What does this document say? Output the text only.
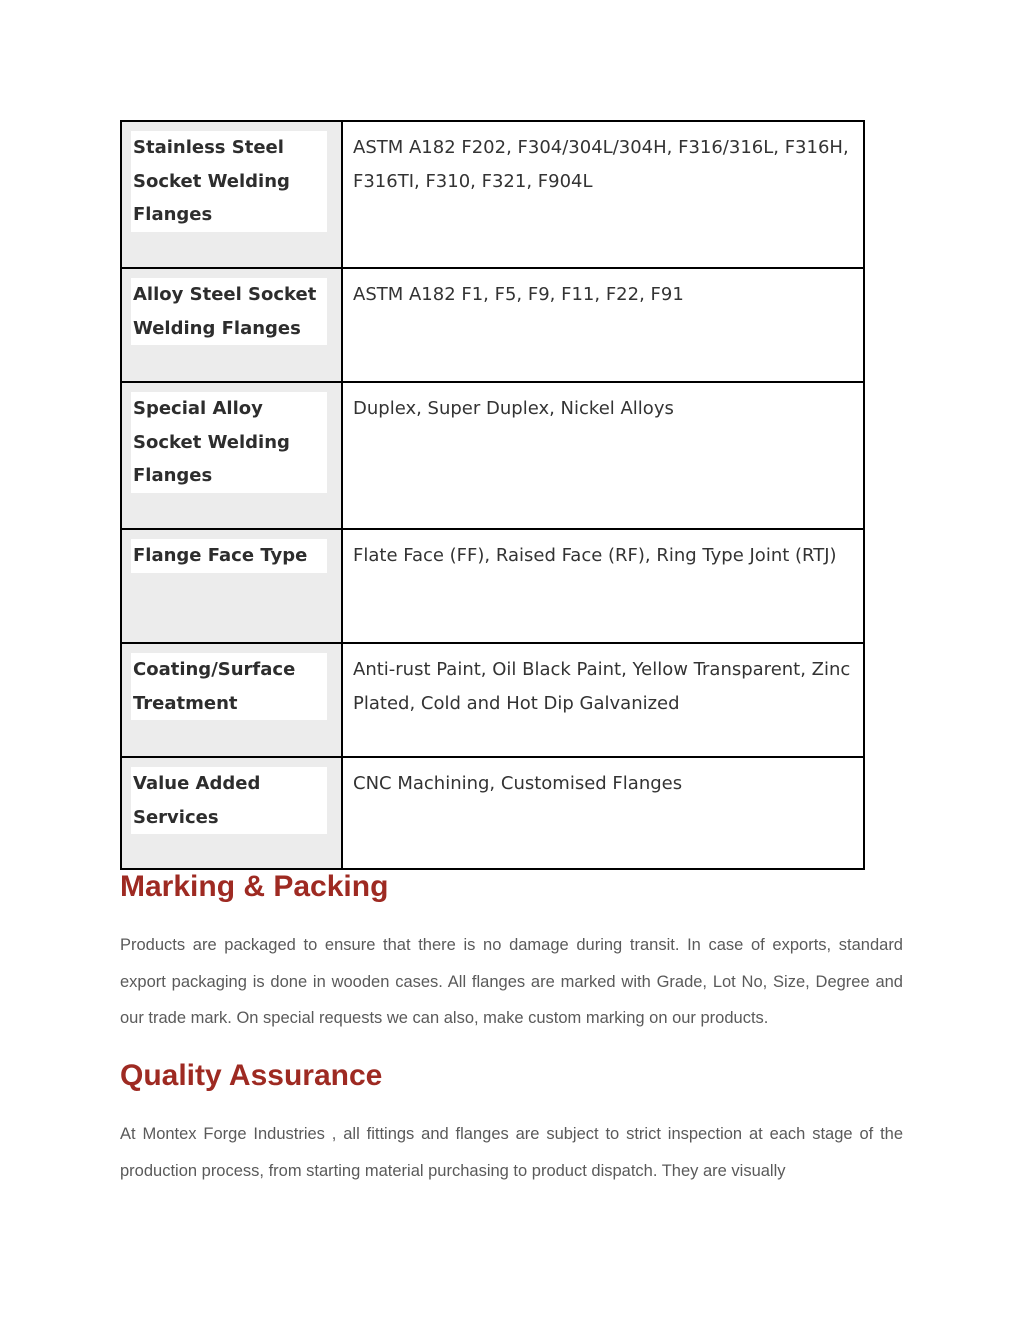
Stainless Steel Socket Welding Flanges	ASTM A182 F202, F304/304L/304H, F316/316L, F316H, F316TI, F310, F321, F904L

Alloy Steel Socket Welding Flanges	ASTM A182 F1, F5, F9, F11, F22, F91

Special Alloy Socket Welding Flanges	Duplex, Super Duplex, Nickel Alloys

Flange Face Type	Flate Face (FF), Raised Face (RF), Ring Type Joint (RTJ)

Coating/Surface Treatment	Anti-rust Paint, Oil Black Paint, Yellow Transparent, Zinc Plated, Cold and Hot Dip Galvanized

Value Added Services	CNC Machining, Customised Flanges
Marking & Packing

Products are packaged to ensure that there is no damage during transit. In case of exports, standard export packaging is done in wooden cases. All flanges are marked with Grade, Lot No, Size, Degree and our trade mark. On special requests we can also, make custom marking on our products.

Quality Assurance

At Montex Forge Industries , all fittings and flanges are subject to strict inspection at each stage of the production process, from starting material purchasing to product dispatch. They are visually
